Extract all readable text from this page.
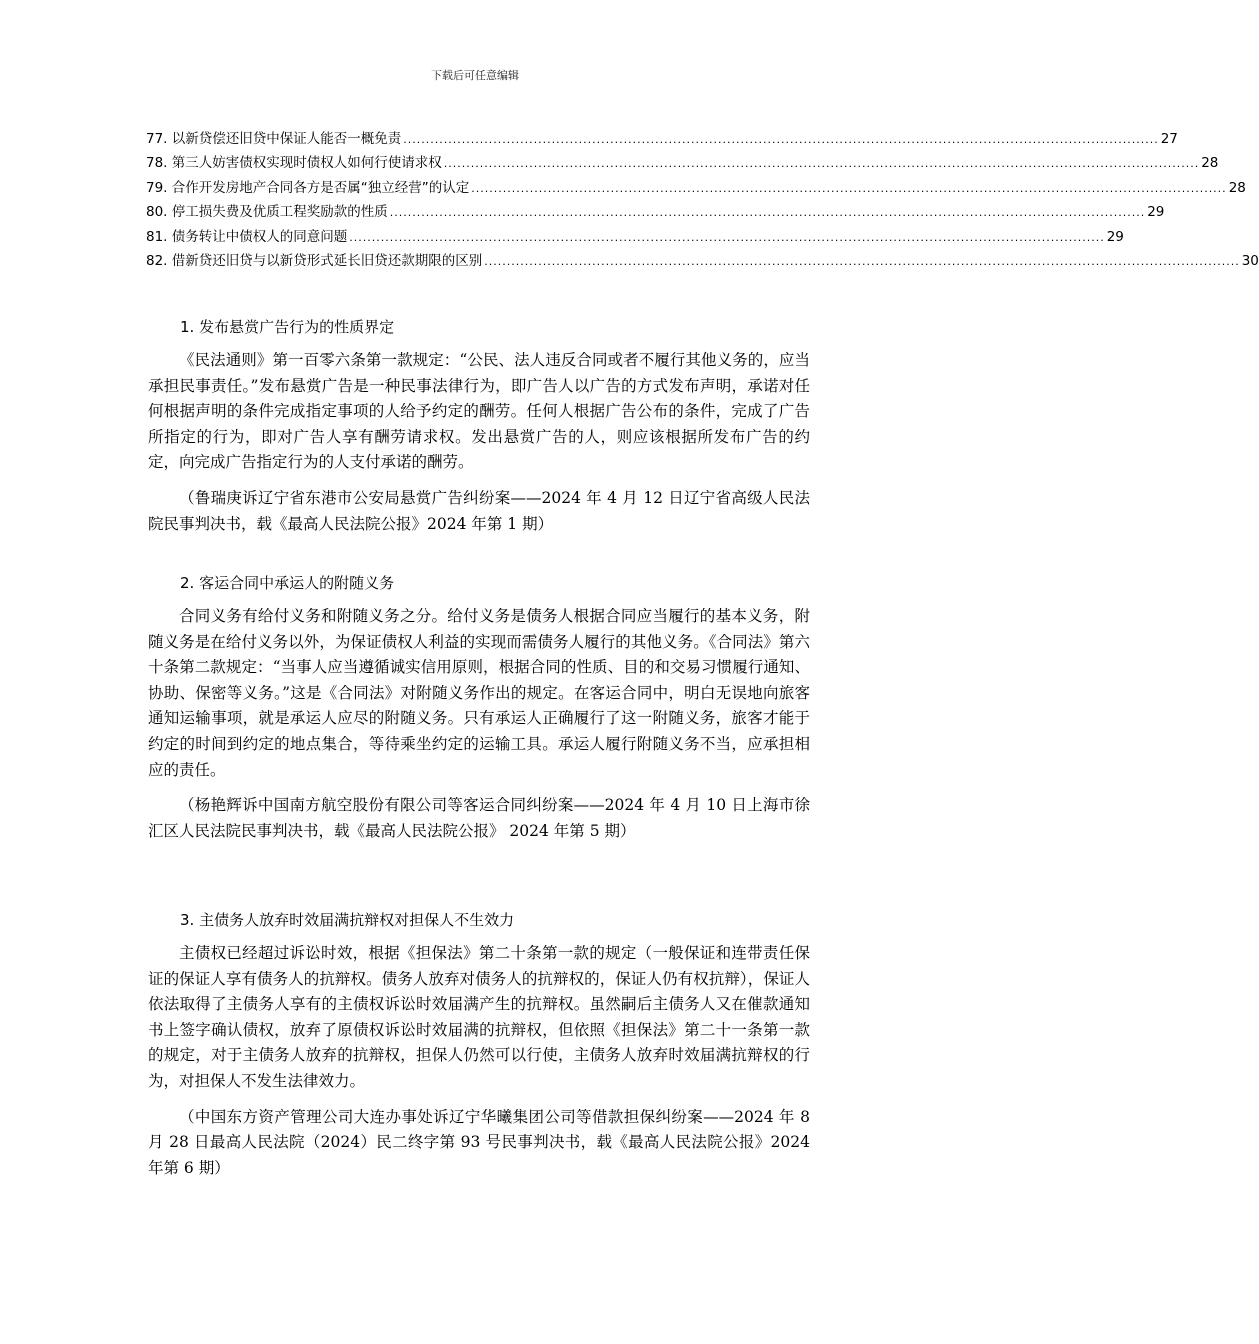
下载后可任意编辑
77. 以新贷偿还旧贷中保证人能否一概免责 ........................................................................................................................................................................ 27
78. 第三人妨害债权实现时债权人如何行使请求权 ........................................................................................................................................................................ 28
79. 合作开发房地产合同各方是否属“独立经营”的认定 ........................................................................................................................................................................ 28
80. 停工损失费及优质工程奖励款的性质 ........................................................................................................................................................................ 29
81. 债务转让中债权人的同意问题 ........................................................................................................................................................................ 29
82. 借新贷还旧贷与以新贷形式延长旧贷还款期限的区别 ........................................................................................................................................................................ 30
1. 发布悬赏广告行为的性质界定

《民法通则》第一百零六条第一款规定：“公民、法人违反合同或者不履行其他义务的，应当承担民事责任。”发布悬赏广告是一种民事法律行为，即广告人以广告的方式发布声明，承诺对任何根据声明的条件完成指定事项的人给予约定的酬劳。任何人根据广告公布的条件，完成了广告所指定的行为，即对广告人享有酬劳请求权。发出悬赏广告的人，则应该根据所发布广告的约定，向完成广告指定行为的人支付承诺的酬劳。

（鲁瑞庚诉辽宁省东港市公安局悬赏广告纠纷案——2024 年 4 月 12 日辽宁省高级人民法院民事判决书，载《最高人民法院公报》2024 年第 1 期）

2. 客运合同中承运人的附随义务

合同义务有给付义务和附随义务之分。给付义务是债务人根据合同应当履行的基本义务，附随义务是在给付义务以外，为保证债权人利益的实现而需债务人履行的其他义务。《合同法》第六十条第二款规定：“当事人应当遵循诚实信用原则，根据合同的性质、目的和交易习惯履行通知、协助、保密等义务。”这是《合同法》对附随义务作出的规定。在客运合同中，明白无误地向旅客通知运输事项，就是承运人应尽的附随义务。只有承运人正确履行了这一附随义务，旅客才能于约定的时间到约定的地点集合，等待乘坐约定的运输工具。承运人履行附随义务不当，应承担相应的责任。

（杨艳辉诉中国南方航空股份有限公司等客运合同纠纷案——2024 年 4 月 10 日上海市徐汇区人民法院民事判决书，载《最高人民法院公报》 2024 年第 5 期）

3. 主债务人放弃时效届满抗辩权对担保人不生效力

主债权已经超过诉讼时效，根据《担保法》第二十条第一款的规定（一般保证和连带责任保证的保证人享有债务人的抗辩权。债务人放弃对债务人的抗辩权的，保证人仍有权抗辩），保证人依法取得了主债务人享有的主债权诉讼时效届满产生的抗辩权。虽然嗣后主债务人又在催款通知书上签字确认债权，放弃了原债权诉讼时效届满的抗辩权，但依照《担保法》第二十一条第一款的规定，对于主债务人放弃的抗辩权，担保人仍然可以行使，主债务人放弃时效届满抗辩权的行为，对担保人不发生法律效力。

（中国东方资产管理公司大连办事处诉辽宁华曦集团公司等借款担保纠纷案——2024 年 8 月 28 日最高人民法院（2024）民二终字第 93 号民事判决书，载《最高人民法院公报》2024 年第 6 期）
